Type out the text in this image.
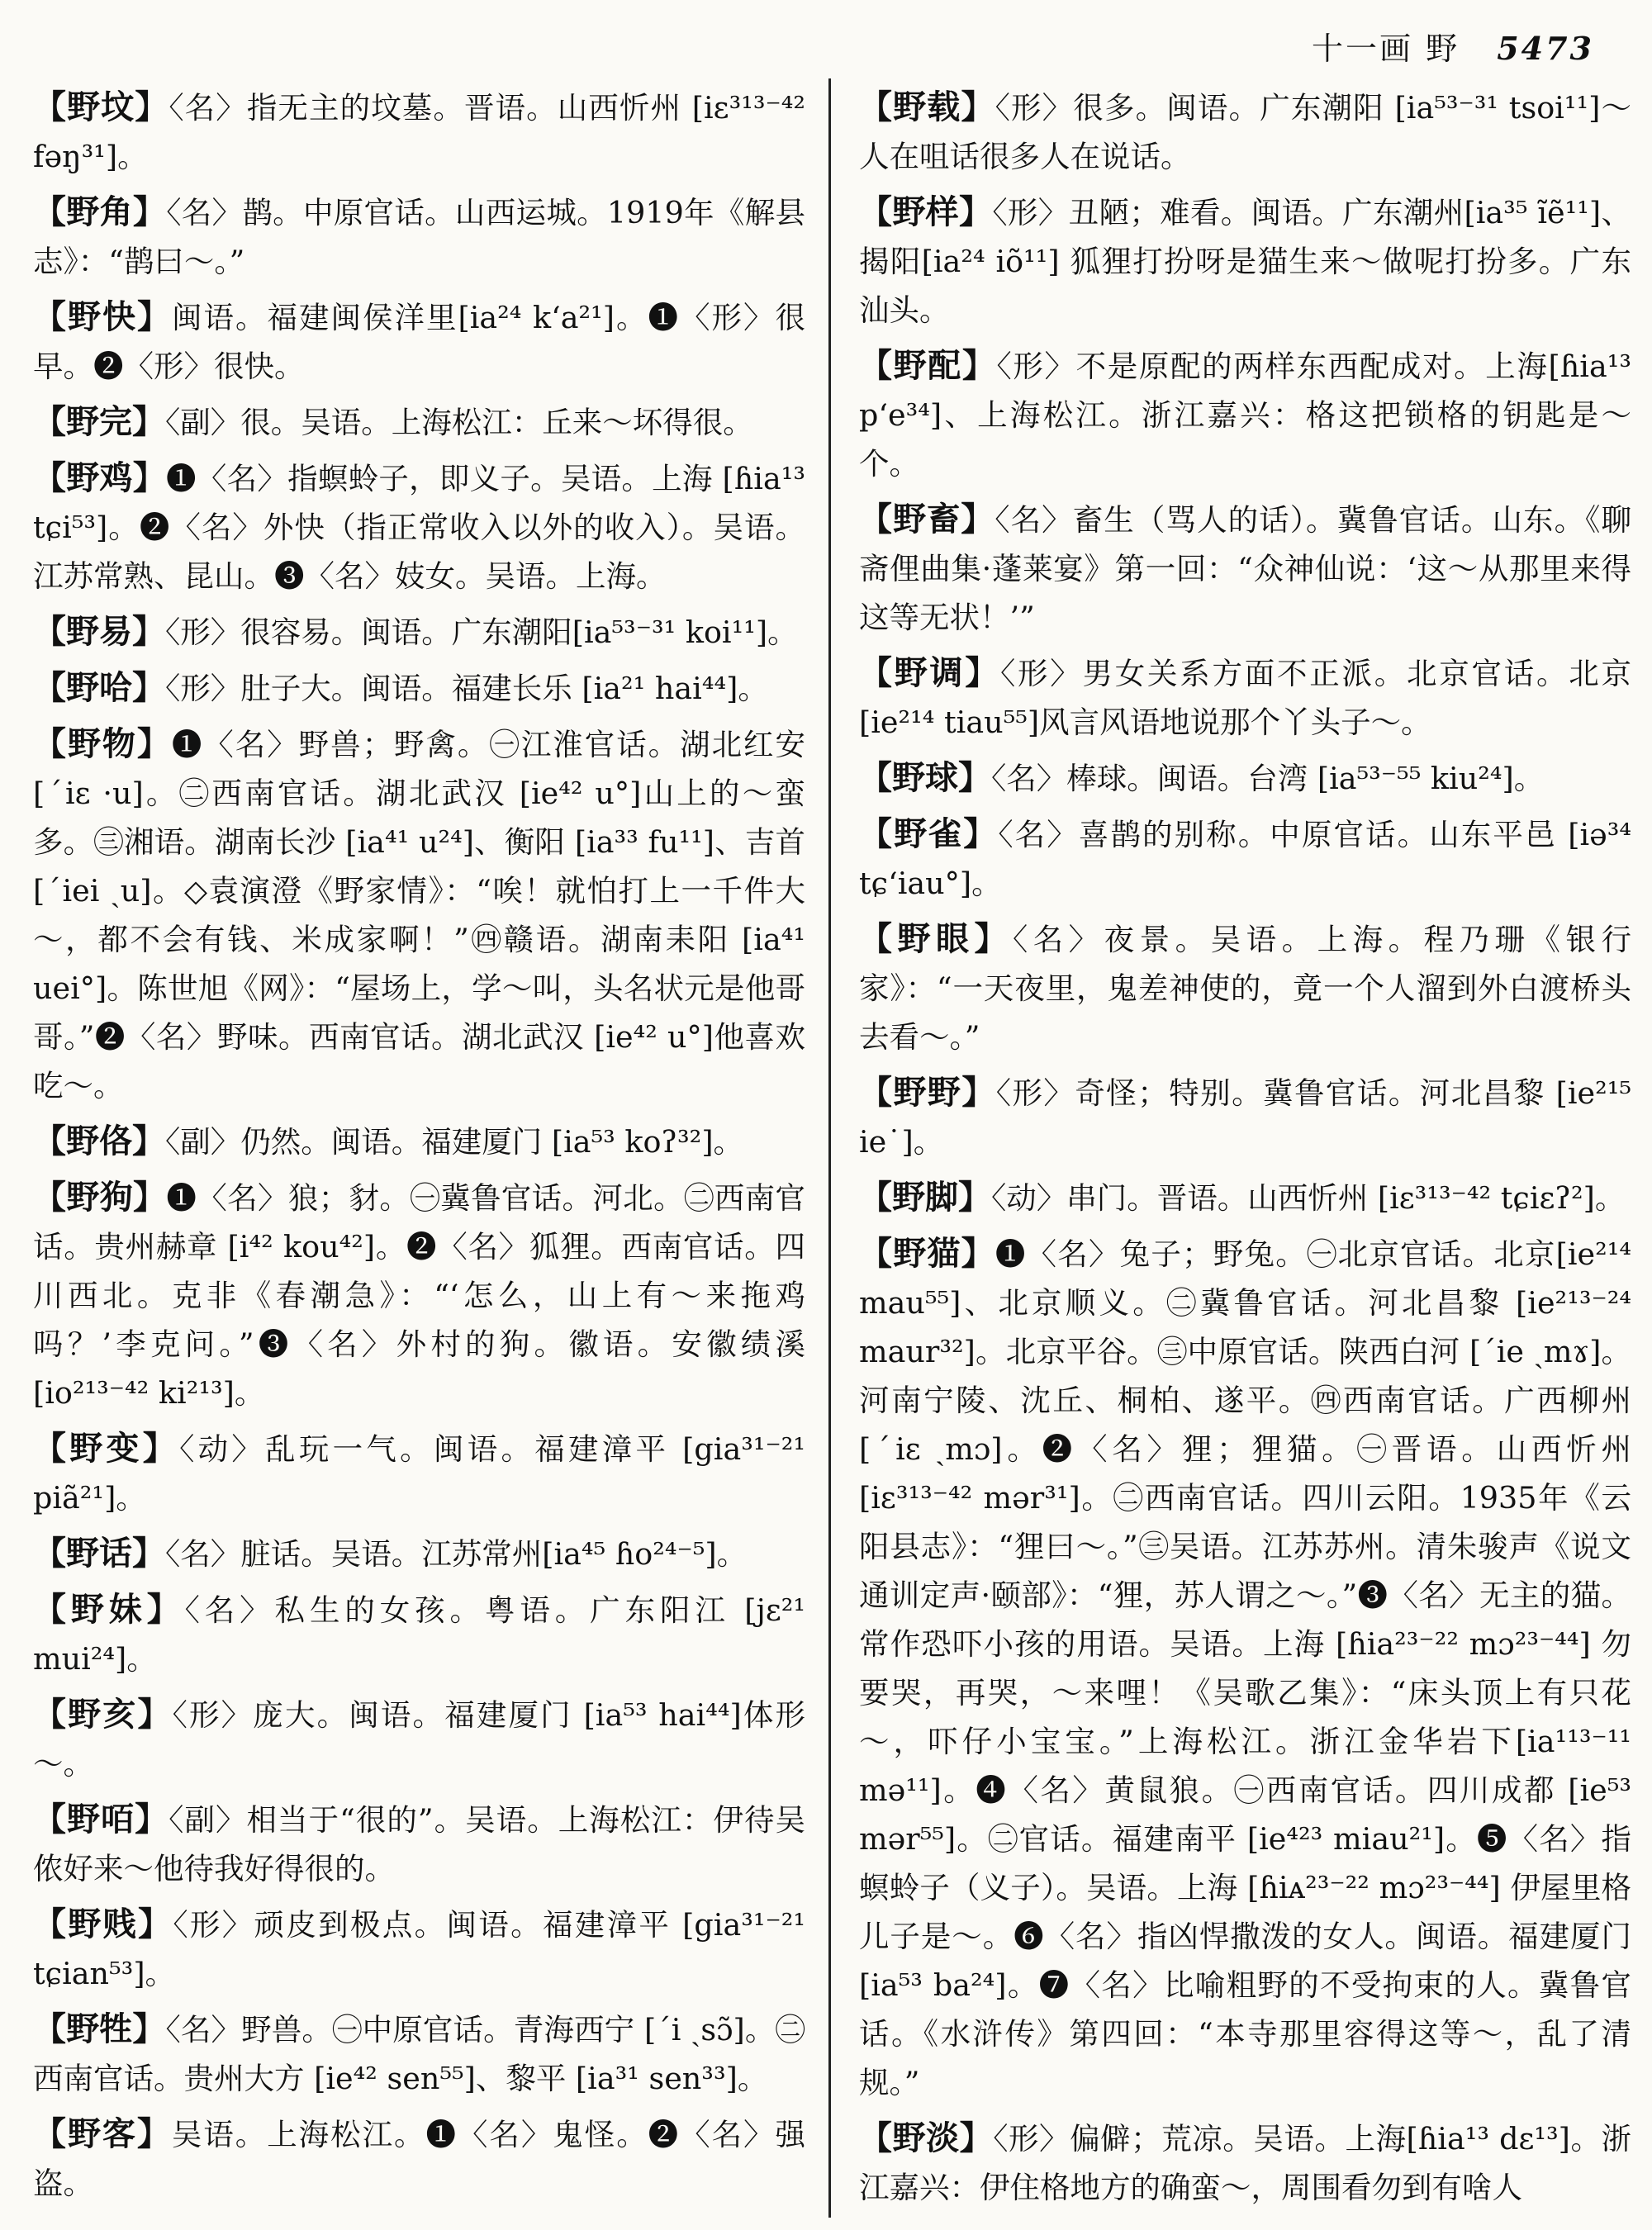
十一画 野 5473

【野坟】〈名〉指无主的坟墓。晋语。山西忻州 [iɛ³¹³⁻⁴² fəŋ³¹]。

【野角】〈名〉鹊。中原官话。山西运城。1919年《解县志》：“鹊曰～。”

【野快】闽语。福建闽侯洋里[ia²⁴ k‘a²¹]。❶〈形〉很早。❷〈形〉很快。

【野完】〈副〉很。吴语。上海松江：丘来～坏得很。

【野鸡】❶〈名〉指螟蛉子，即义子。吴语。上海 [ɦia¹³ tɕi⁵³]。❷〈名〉外快（指正常收入以外的收入）。吴语。江苏常熟、昆山。❸〈名〉妓女。吴语。上海。

【野易】〈形〉很容易。闽语。广东潮阳[ia⁵³⁻³¹ koi¹¹]。

【野哈】〈形〉肚子大。闽语。福建长乐 [ia²¹ hai⁴⁴]。

【野物】❶〈名〉野兽；野禽。㊀江淮官话。湖北红安 [ˊiɛ ·u]。㊁西南官话。湖北武汉 [ie⁴² u°]山上的～蛮多。㊂湘语。湖南长沙 [ia⁴¹ u²⁴]、衡阳 [ia³³ fu¹¹]、吉首 [ˊiei ˏu]。◇袁演澄《野家情》：“唉！就怕打上一千件大～，都不会有钱、米成家啊！”㊃赣语。湖南耒阳 [ia⁴¹ uei°]。陈世旭《网》：“屋场上，学～叫，头名状元是他哥哥。”❷〈名〉野味。西南官话。湖北武汉 [ie⁴² u°]他喜欢吃～。

【野佫】〈副〉仍然。闽语。福建厦门 [ia⁵³ koʔ³²]。

【野狗】❶〈名〉狼；豺。㊀冀鲁官话。河北。㊁西南官话。贵州赫章 [i⁴² kou⁴²]。❷〈名〉狐狸。西南官话。四川西北。克非《春潮急》：“‘怎么，山上有～来拖鸡吗？’李克问。”❸〈名〉外村的狗。徽语。安徽绩溪 [io²¹³⁻⁴² ki²¹³]。

【野变】〈动〉乱玩一气。闽语。福建漳平 [gia³¹⁻²¹ piã²¹]。

【野话】〈名〉脏话。吴语。江苏常州[ia⁴⁵ ɦo²⁴⁻⁵]。

【野妹】〈名〉私生的女孩。粤语。广东阳江 [jɛ²¹ mui²⁴]。

【野亥】〈形〉庞大。闽语。福建厦门 [ia⁵³ hai⁴⁴]体形～。

【野咟】〈副〉相当于“很的”。吴语。上海松江：伊待吴侬好来～他待我好得很的。

【野贱】〈形〉顽皮到极点。闽语。福建漳平 [gia³¹⁻²¹ tɕian⁵³]。

【野牲】〈名〉野兽。㊀中原官话。青海西宁 [ˊi ˏsɔ̃]。㊁西南官话。贵州大方 [ie⁴² sen⁵⁵]、黎平 [ia³¹ sen³³]。

【野客】吴语。上海松江。❶〈名〉鬼怪。❷〈名〉强盗。

【野载】〈形〉很多。闽语。广东潮阳 [ia⁵³⁻³¹ tsoi¹¹]～人在咀话很多人在说话。

【野样】〈形〉丑陋；难看。闽语。广东潮州[ia³⁵ ĩẽ¹¹]、揭阳[ia²⁴ iõ¹¹] 狐狸打扮呀是猫生来～做呢打扮多。广东汕头。

【野配】〈形〉不是原配的两样东西配成对。上海[ɦia¹³ p‘e³⁴]、上海松江。浙江嘉兴：格这把锁格的钥匙是～个。

【野畜】〈名〉畜生（骂人的话）。冀鲁官话。山东。《聊斋俚曲集·蓬莱宴》第一回：“众神仙说：‘这～从那里来得这等无状！’”

【野调】〈形〉男女关系方面不正派。北京官话。北京[ie²¹⁴ tiau⁵⁵]风言风语地说那个丫头子～。

【野球】〈名〉棒球。闽语。台湾 [ia⁵³⁻⁵⁵ kiu²⁴]。

【野雀】〈名〉喜鹊的别称。中原官话。山东平邑 [iə³⁴ tɕ‘iau°]。

【野眼】〈名〉夜景。吴语。上海。程乃珊《银行家》：“一天夜里，鬼差神使的，竟一个人溜到外白渡桥头去看～。”

【野野】〈形〉奇怪；特别。冀鲁官话。河北昌黎 [ie²¹⁵ ie˙]。

【野脚】〈动〉串门。晋语。山西忻州 [iɛ³¹³⁻⁴² tɕiɛʔ²]。

【野猫】❶〈名〉兔子；野兔。㊀北京官话。北京[ie²¹⁴ mau⁵⁵]、北京顺义。㊁冀鲁官话。河北昌黎 [ie²¹³⁻²⁴ maur³²]。北京平谷。㊂中原官话。陕西白河 [ˊie ˏmɤ]。河南宁陵、沈丘、桐柏、遂平。㊃西南官话。广西柳州 [ˊiɛ ˏmɔ]。❷〈名〉狸；狸猫。㊀晋语。山西忻州 [iɛ³¹³⁻⁴² mər³¹]。㊁西南官话。四川云阳。1935年《云阳县志》：“狸曰～。”㊂吴语。江苏苏州。清朱骏声《说文通训定声·颐部》：“狸，苏人谓之～。”❸〈名〉无主的猫。常作恐吓小孩的用语。吴语。上海 [ɦia²³⁻²² mɔ²³⁻⁴⁴] 勿要哭，再哭，～来哩！《吴歌乙集》：“床头顶上有只花～，吓仔小宝宝。”上海松江。浙江金华岩下[ia¹¹³⁻¹¹ mə¹¹]。❹〈名〉黄鼠狼。㊀西南官话。四川成都 [ie⁵³ mər⁵⁵]。㊁官话。福建南平 [ie⁴²³ miau²¹]。❺〈名〉指螟蛉子（义子）。吴语。上海 [ɦiᴀ²³⁻²² mɔ²³⁻⁴⁴] 伊屋里格儿子是～。❻〈名〉指凶悍撒泼的女人。闽语。福建厦门 [ia⁵³ ba²⁴]。❼〈名〉比喻粗野的不受拘束的人。冀鲁官话。《水浒传》第四回：“本寺那里容得这等～，乱了清规。”

【野淡】〈形〉偏僻；荒凉。吴语。上海[ɦia¹³ dɛ¹³]。浙江嘉兴：伊住格地方的确蛮～，周围看勿到有啥人
